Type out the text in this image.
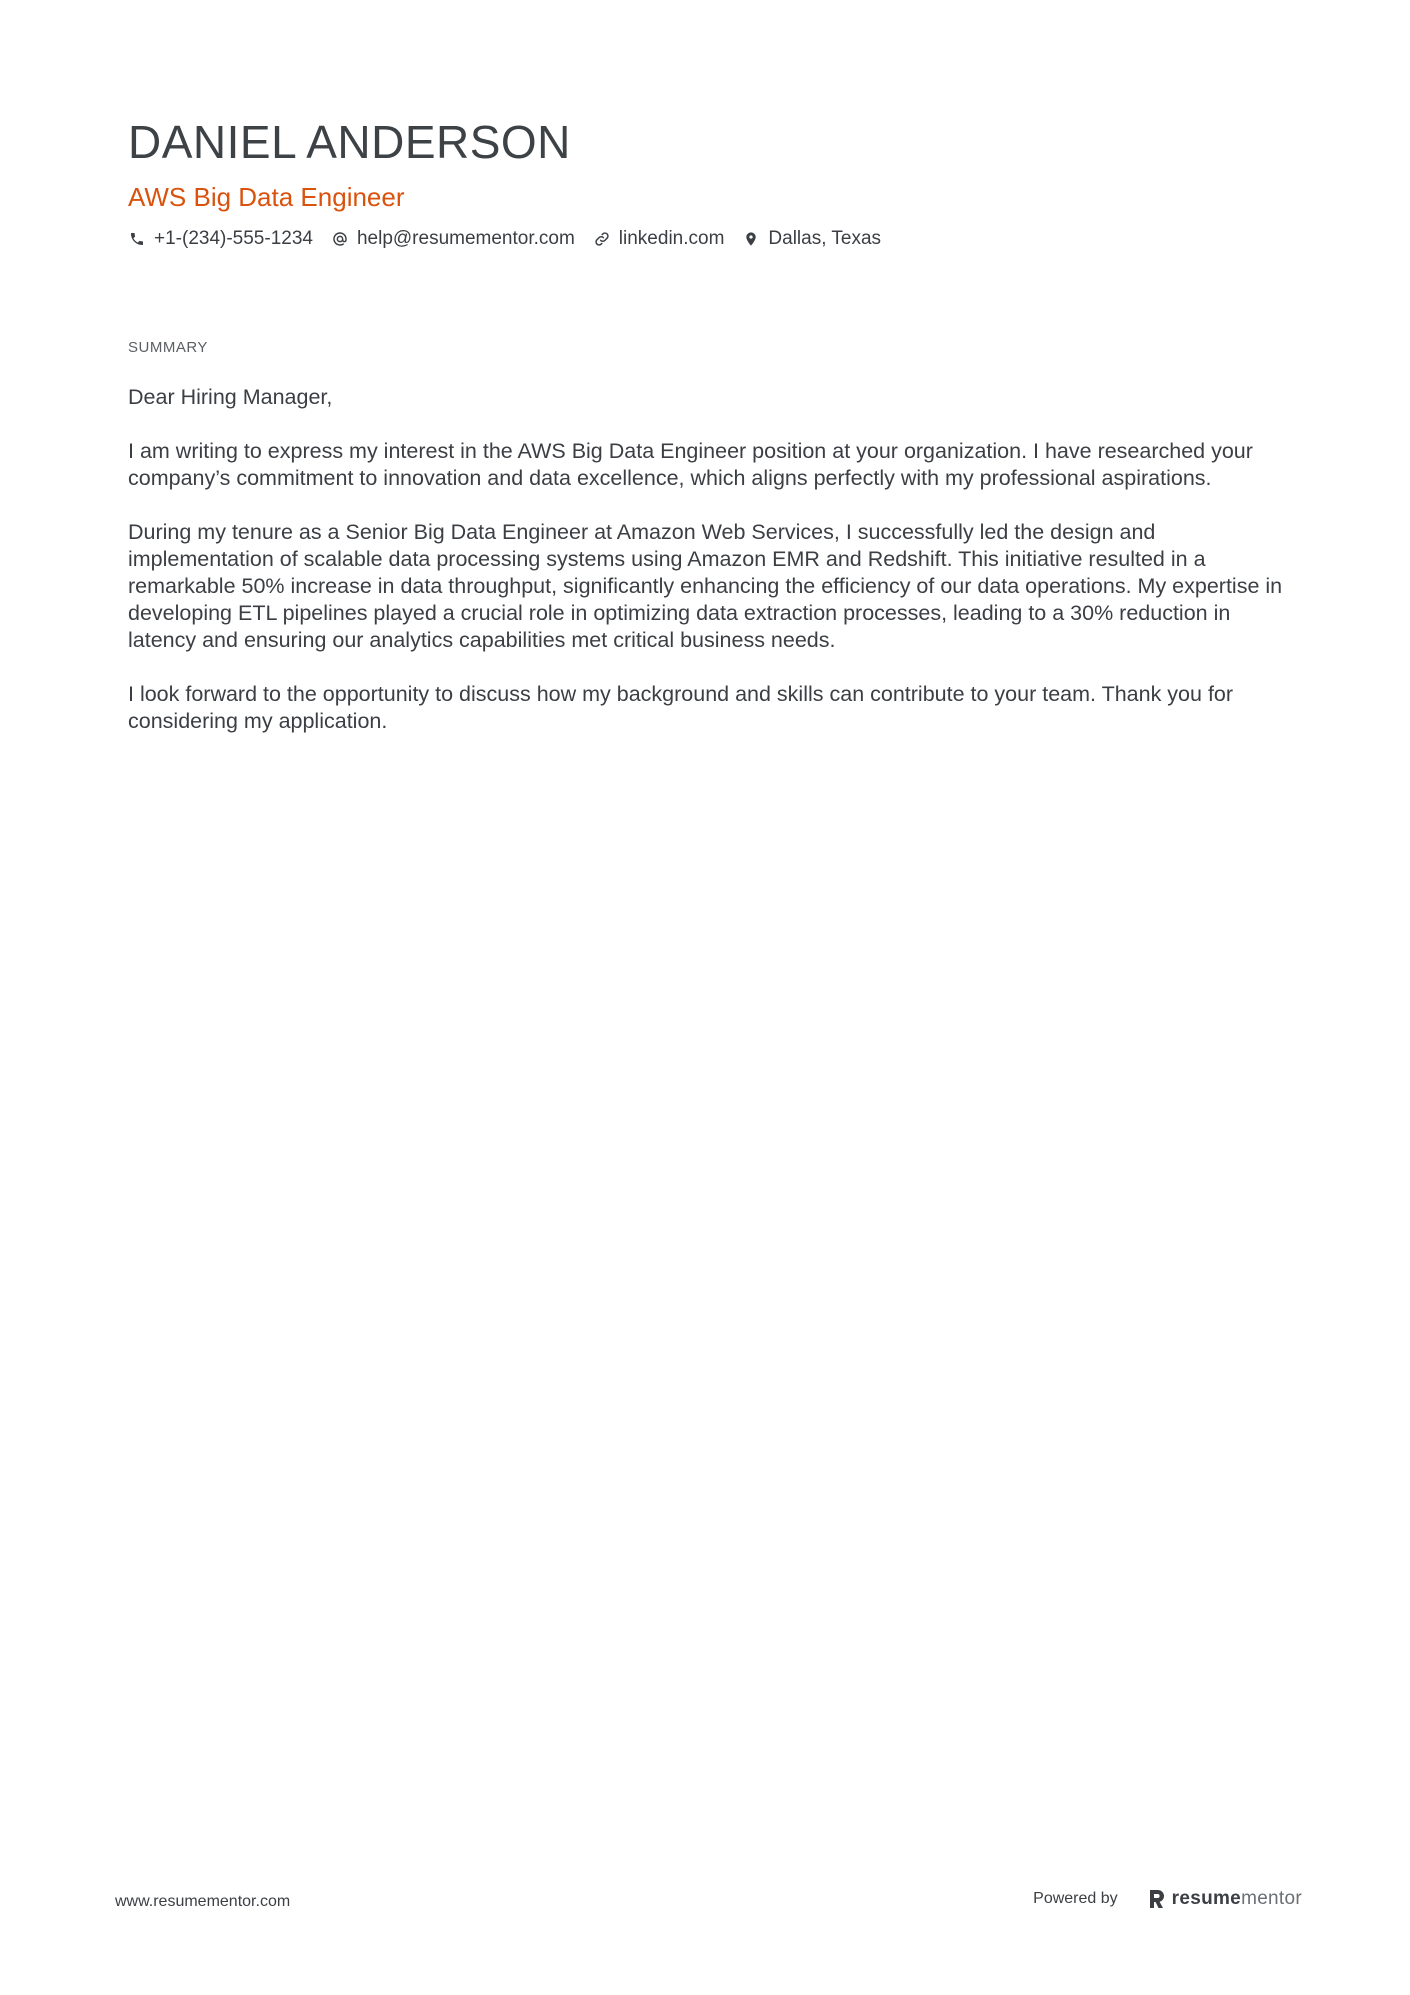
DANIEL ANDERSON
AWS Big Data Engineer
+1-(234)-555-1234 help@resumementor.com linkedin.com Dallas, Texas
SUMMARY

Dear Hiring Manager,

I am writing to express my interest in the AWS Big Data Engineer position at your organization. I have researched your company’s commitment to innovation and data excellence, which aligns perfectly with my professional aspirations.

During my tenure as a Senior Big Data Engineer at Amazon Web Services, I successfully led the design and implementation of scalable data processing systems using Amazon EMR and Redshift. This initiative resulted in a remarkable 50% increase in data throughput, significantly enhancing the efficiency of our data operations. My expertise in developing ETL pipelines played a crucial role in optimizing data extraction processes, leading to a 30% reduction in latency and ensuring our analytics capabilities met critical business needs.

I look forward to the opportunity to discuss how my background and skills can contribute to your team. Thank you for considering my application.

www.resumementor.com	Powered by	resume mentor
